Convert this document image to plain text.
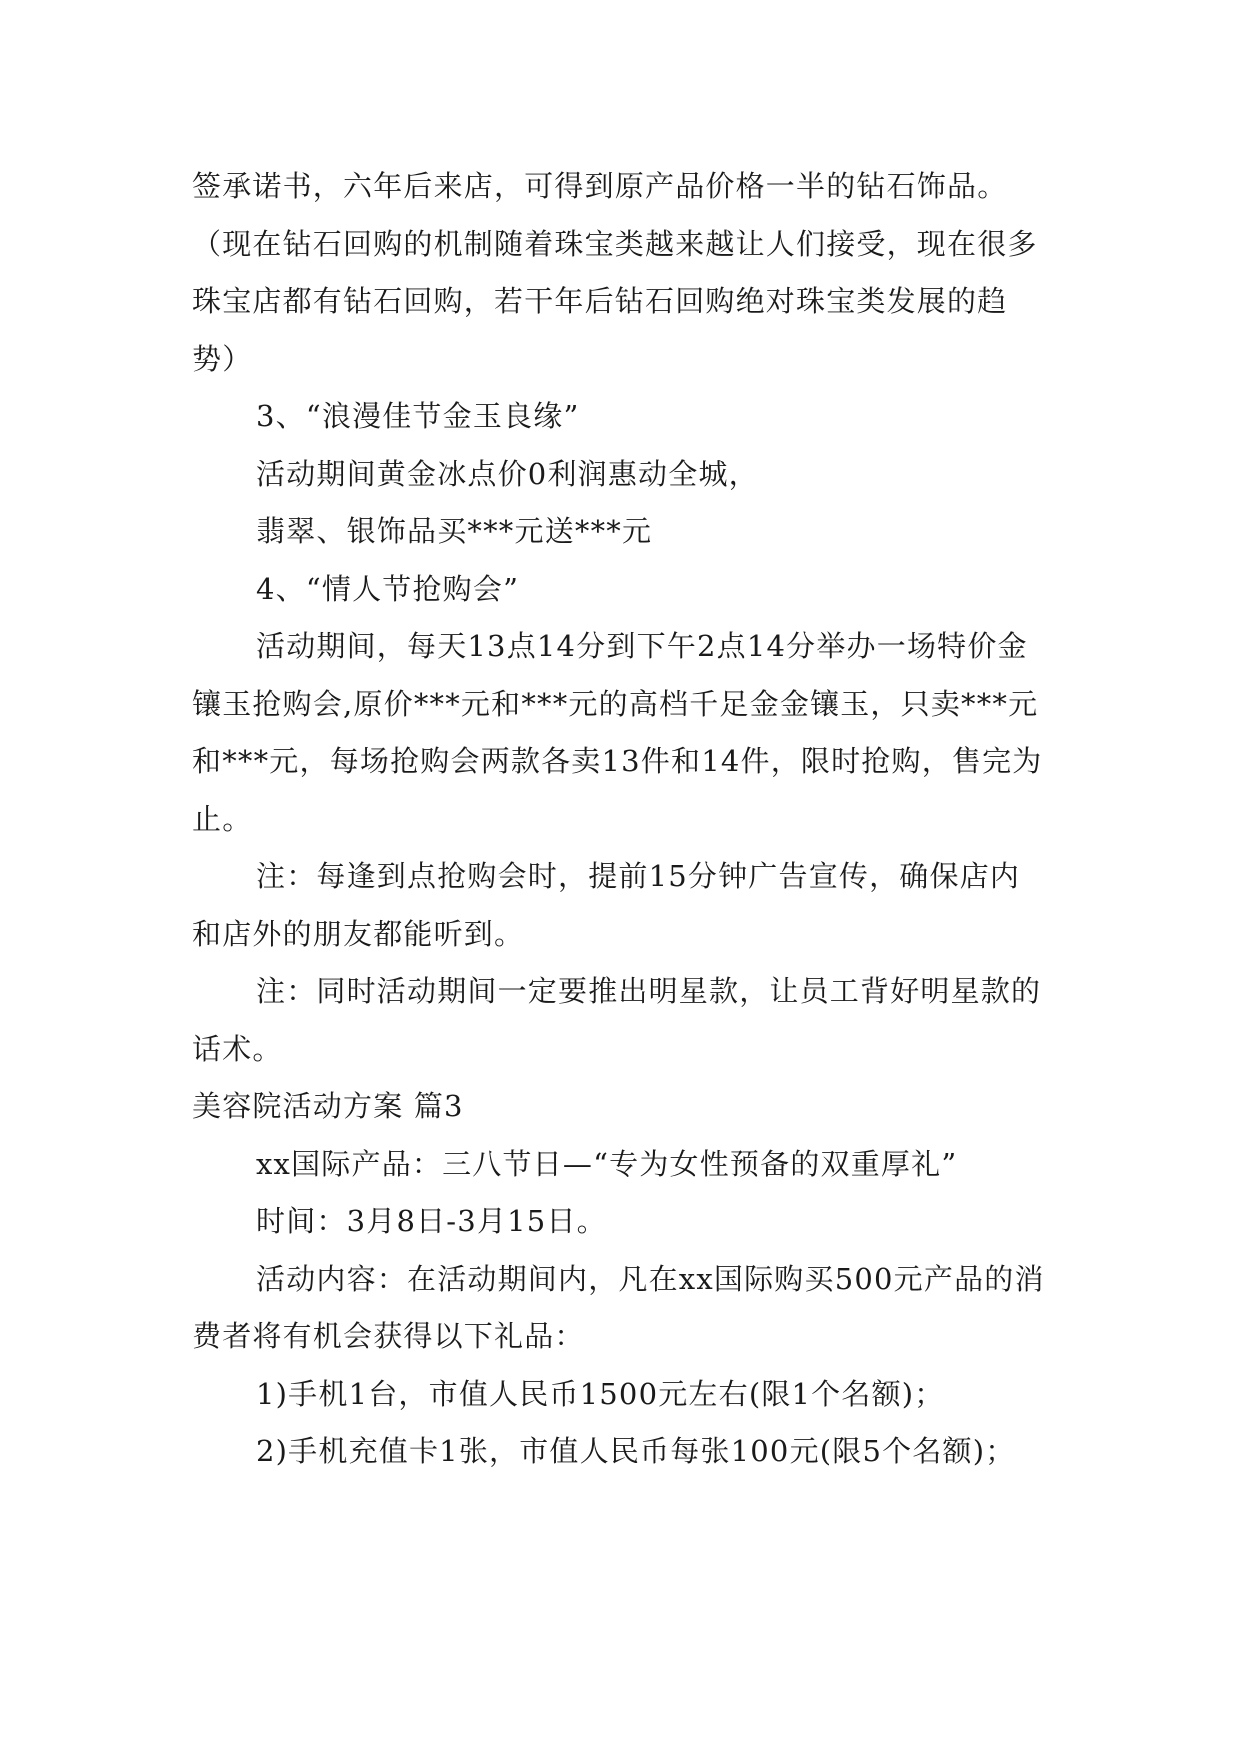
签承诺书，六年后来店，可得到原产品价格一半的钻石饰品。（现在钻石回购的机制随着珠宝类越来越让人们接受，现在很多珠宝店都有钻石回购，若干年后钻石回购绝对珠宝类发展的趋势）

3、“浪漫佳节金玉良缘”

活动期间黄金冰点价0利润惠动全城，

翡翠、银饰品买***元送***元

4、“情人节抢购会”

活动期间，每天13点14分到下午2点14分举办一场特价金镶玉抢购会,原价***元和***元的高档千足金金镶玉，只卖***元和***元，每场抢购会两款各卖13件和14件，限时抢购，售完为止。

注：每逢到点抢购会时，提前15分钟广告宣传，确保店内和店外的朋友都能听到。

注：同时活动期间一定要推出明星款，让员工背好明星款的话术。

美容院活动方案 篇3

xx国际产品：三八节日—“专为女性预备的双重厚礼”

时间：3月8日-3月15日。

活动内容：在活动期间内，凡在xx国际购买500元产品的消费者将有机会获得以下礼品：

1)手机1台，市值人民币1500元左右(限1个名额)；

2)手机充值卡1张，市值人民币每张100元(限5个名额)；
